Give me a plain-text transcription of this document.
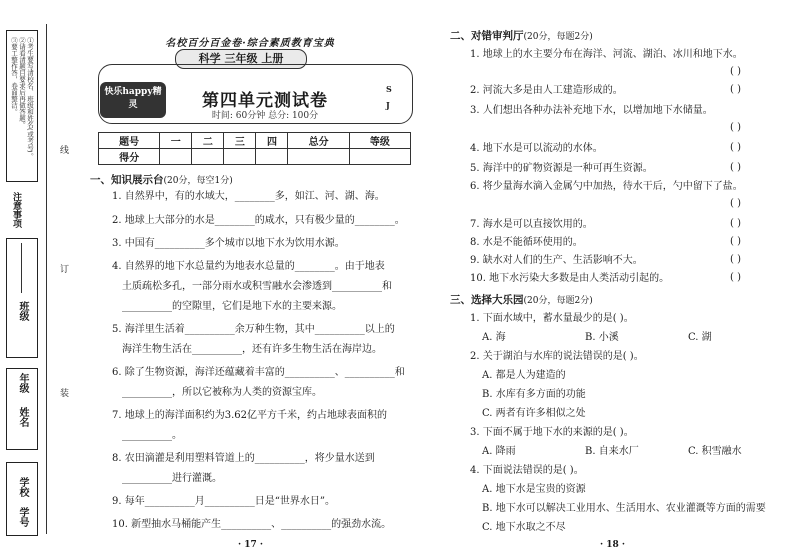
①考生要写清校名、班级和姓名(或考号)。
②请看清题目要求后再做答题。
③要工整作答，卷面整洁。
注意事项
班级
年级
姓名
学校
学号
线
订
装
名校百分百金卷·综合素质教育宝典
科学 三年级 上册
快乐happy精灵	第四单元测试卷
时间: 60分钟 总分: 100分
S
J
题号	一	二	三	四	总分	等级
得分						
一、知识展示台(20分，每空1分)
1. 自然界中，有的水域大，________多，如江、河、湖、海。
2. 地球上大部分的水是________的咸水，只有极少量的________。
3. 中国有__________多个城市以地下水为饮用水源。
4. 自然界的地下水总量约为地表水总量的________。由于地表
土质疏松多孔，一部分雨水或积雪融水会渗透到__________和
__________的空隙里，它们是地下水的主要来源。
5. 海洋里生活着__________余万种生物，其中__________以上的
海洋生物生活在__________，还有许多生物生活在海岸边。
6. 除了生物资源，海洋还蕴藏着丰富的__________、__________和
__________，所以它被称为人类的资源宝库。
7. 地球上的海洋面积约为3.62亿平方千米，约占地球表面积的
__________。
8. 农田滴灌是利用塑料管道上的__________，将少量水送到
__________进行灌溉。
9. 每年__________月__________日是“世界水日”。
10. 新型抽水马桶能产生__________、__________的强劲水流。
· 17 ·
二、对错审判厅(20分，每题2分)
1. 地球上的水主要分布在海洋、河流、湖泊、冰川和地下水。
( )
2. 河流大多是由人工建造形成的。	( )
3. 人们想出各种办法补充地下水，以增加地下水储量。
( )
4. 地下水是可以流动的水体。	( )
5. 海洋中的矿物资源是一种可再生资源。	( )
6. 将少量海水滴入金属勺中加热，待水干后，勺中留下了盐。
( )
7. 海水是可以直接饮用的。	( )
8. 水是不能循环使用的。	( )
9. 缺水对人们的生产、生活影响不大。	( )
10. 地下水污染大多数是由人类活动引起的。	( )
三、选择大乐园(20分，每题2分)
1. 下面水域中，蓄水量最少的是( )。
A. 海	B. 小溪	C. 湖
2. 关于湖泊与水库的说法错误的是( )。
A. 都是人为建造的
B. 水库有多方面的功能
C. 两者有许多相似之处
3. 下面不属于地下水的来源的是( )。
A. 降雨	B. 自来水厂	C. 积雪融水
4. 下面说法错误的是( )。
A. 地下水是宝贵的资源
B. 地下水可以解决工业用水、生活用水、农业灌溉等方面的需要
C. 地下水取之不尽
· 18 ·
